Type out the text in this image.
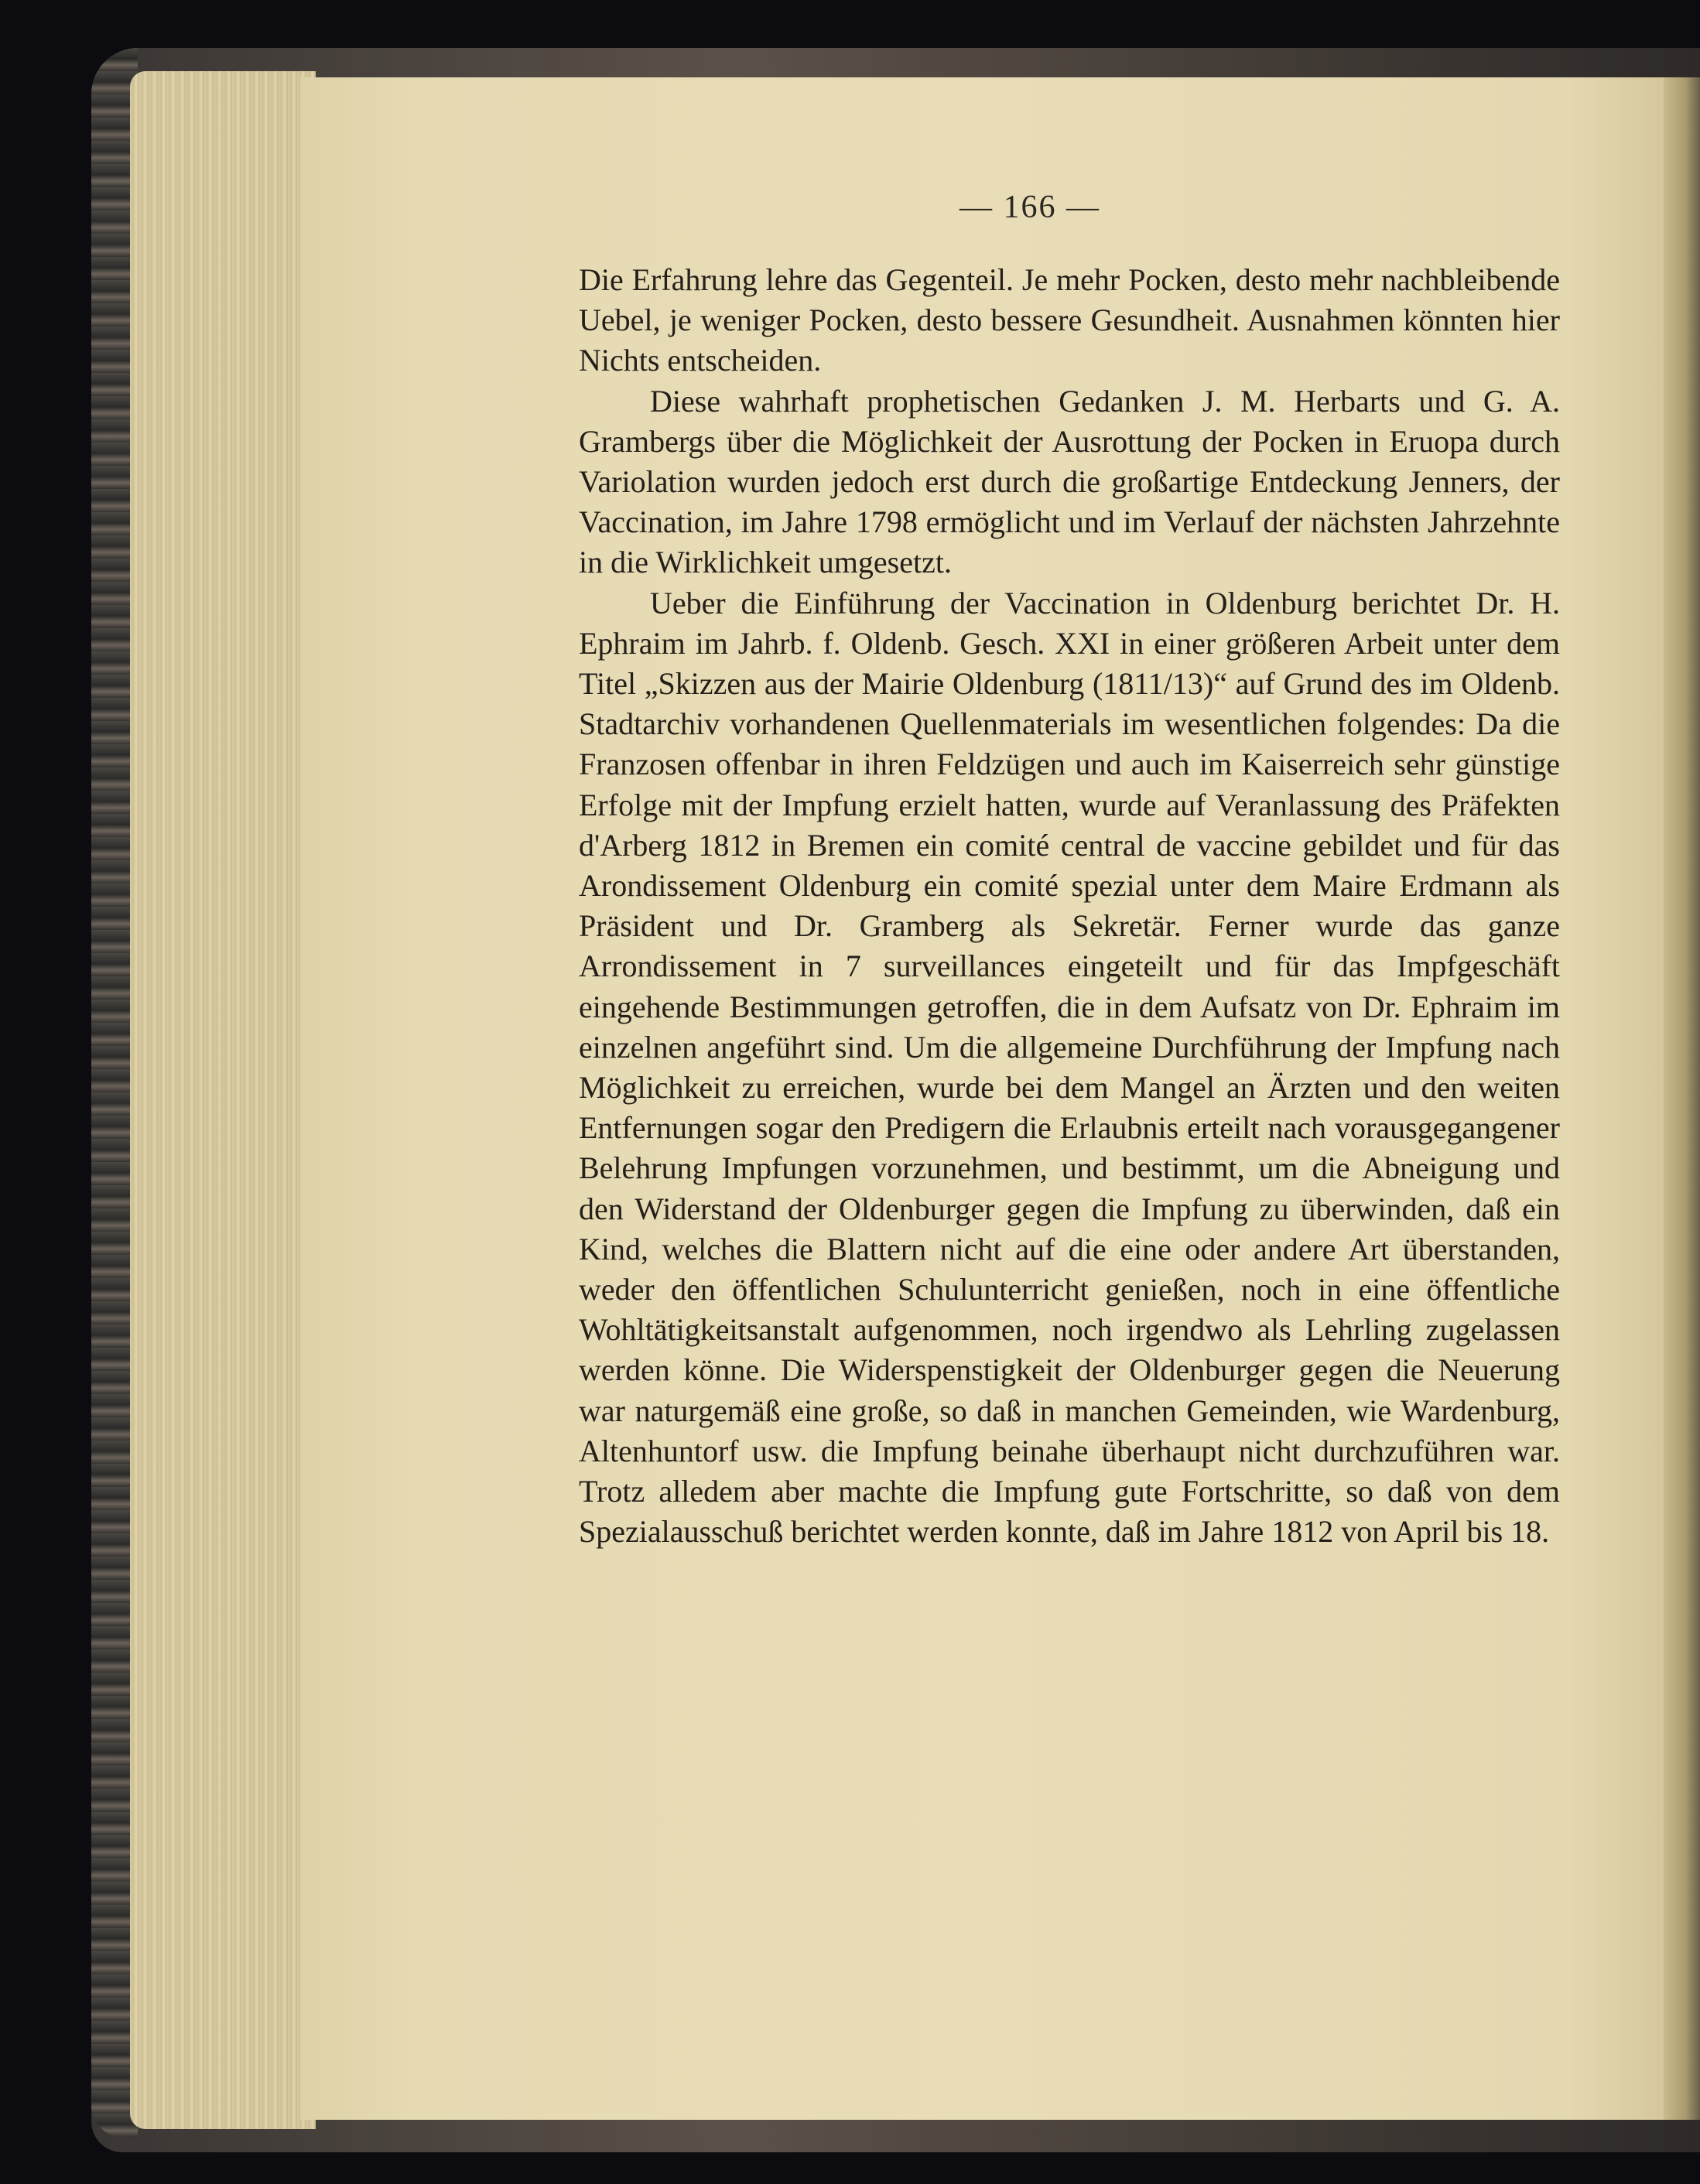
— 166 —

Die Erfahrung lehre das Gegenteil. Je mehr Pocken, desto mehr nachbleibende Uebel, je weniger Pocken, desto bessere Gesundheit. Ausnahmen könnten hier Nichts entscheiden.

Diese wahrhaft prophetischen Gedanken J. M. Herbarts und G. A. Grambergs über die Möglichkeit der Ausrottung der Pocken in Eruopa durch Variolation wurden jedoch erst durch die großartige Entdeckung Jenners, der Vaccination, im Jahre 1798 ermöglicht und im Verlauf der nächsten Jahrzehnte in die Wirklichkeit umgesetzt.

Ueber die Einführung der Vaccination in Oldenburg berichtet Dr. H. Ephraim im Jahrb. f. Oldenb. Gesch. XXI in einer größeren Arbeit unter dem Titel „Skizzen aus der Mairie Oldenburg (1811/13)“ auf Grund des im Oldenb. Stadtarchiv vorhandenen Quellenmaterials im wesentlichen folgendes: Da die Franzosen offenbar in ihren Feldzügen und auch im Kaiserreich sehr günstige Erfolge mit der Impfung erzielt hatten, wurde auf Veranlassung des Präfekten d'Arberg 1812 in Bremen ein comité central de vaccine gebildet und für das Arondissement Oldenburg ein comité spezial unter dem Maire Erdmann als Präsident und Dr. Gramberg als Sekretär. Ferner wurde das ganze Arrondissement in 7 surveillances eingeteilt und für das Impfgeschäft eingehende Bestimmungen getroffen, die in dem Aufsatz von Dr. Ephraim im einzelnen angeführt sind. Um die allgemeine Durchführung der Impfung nach Möglichkeit zu erreichen, wurde bei dem Mangel an Ärzten und den weiten Entfernungen sogar den Predigern die Erlaubnis erteilt nach vorausgegangener Belehrung Impfungen vorzunehmen, und bestimmt, um die Abneigung und den Widerstand der Oldenburger gegen die Impfung zu überwinden, daß ein Kind, welches die Blattern nicht auf die eine oder andere Art überstanden, weder den öffentlichen Schulunterricht genießen, noch in eine öffentliche Wohltätigkeitsanstalt aufgenommen, noch irgendwo als Lehrling zugelassen werden könne. Die Widerspenstigkeit der Oldenburger gegen die Neuerung war naturgemäß eine große, so daß in manchen Gemeinden, wie Wardenburg, Altenhuntorf usw. die Impfung beinahe überhaupt nicht durchzuführen war. Trotz alledem aber machte die Impfung gute Fortschritte, so daß von dem Spezialausschuß berichtet werden konnte, daß im Jahre 1812 von April bis 18.
